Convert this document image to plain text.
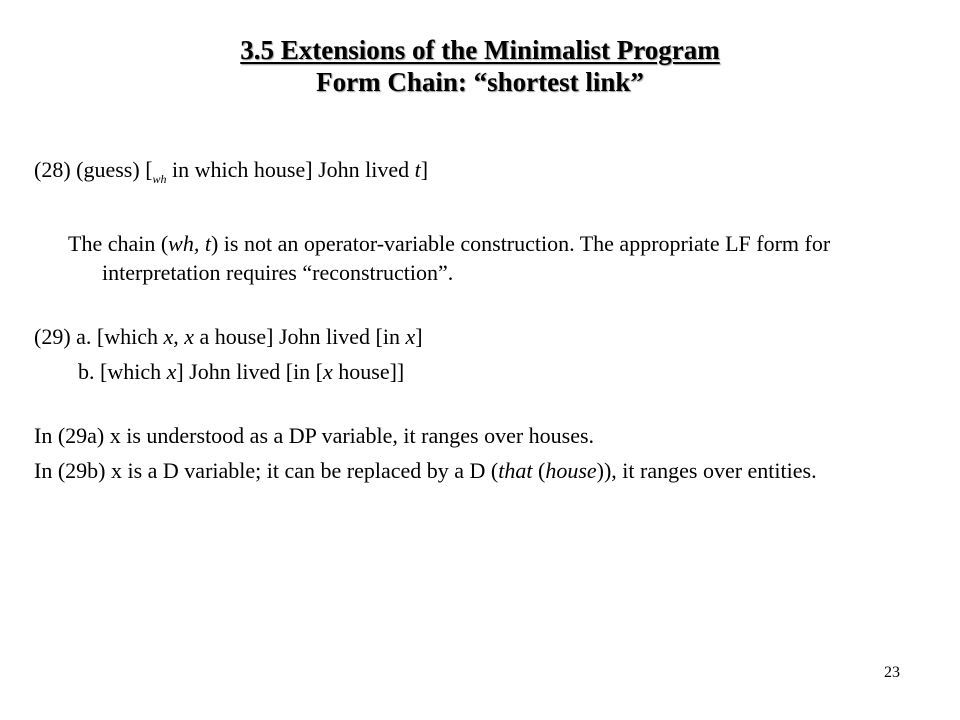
3.5 Extensions of the Minimalist Program
Form Chain: “shortest link”

(28) (guess) [$_{wh}$ in which house] John lived t]

The chain (wh, t) is not an operator-variable construction. The appropriate LF form for interpretation requires “reconstruction”.

(29) a. [which x, x a house] John lived [in x]

b. [which x] John lived [in [x house]]

In (29a) x is understood as a DP variable, it ranges over houses.

In (29b) x is a D variable; it can be replaced by a D (that (house)), it ranges over entities.

23
